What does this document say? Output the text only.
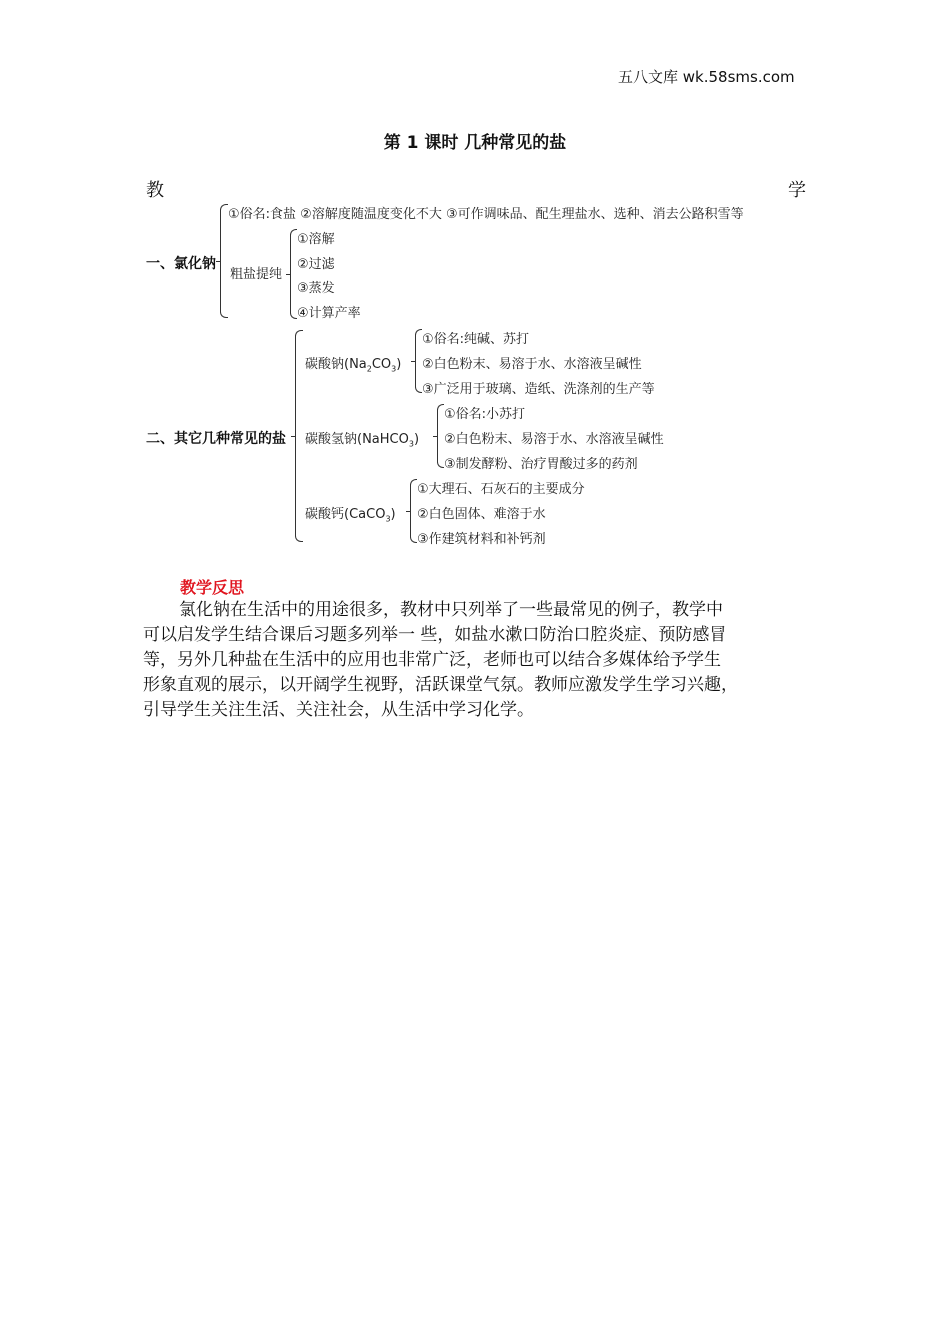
五八文库 wk.58sms.com
第 1 课时 几种常见的盐
教	学
一、氯化钠
①俗名:食盐 ②溶解度随温度变化不大 ③可作调味品、配生理盐水、选种、消去公路积雪等
粗盐提纯
①溶解
②过滤
③蒸发
④计算产率
二、其它几种常见的盐
碳酸钠$(Na_2CO_3)$
①俗名:纯碱、苏打
②白色粉末、易溶于水、水溶液呈碱性
③广泛用于玻璃、造纸、洗涤剂的生产等
碳酸氢钠(NaHCO$_3$)
①俗名:小苏打
②白色粉末、易溶于水、水溶液呈碱性
③制发酵粉、治疗胃酸过多的药剂
碳酸钙(CaCO$_3$)
①大理石、石灰石的主要成分
②白色固体、难溶于水
③作建筑材料和补钙剂
教学反思

氯化钠在生活中的用途很多，教材中只列举了一些最常见的例子，教学中

可以启发学生结合课后习题多列举一 些，如盐水漱口防治口腔炎症、预防感冒

等，另外几种盐在生活中的应用也非常广泛，老师也可以结合多媒体给予学生

形象直观的展示，以开阔学生视野，活跃课堂气氛。教师应激发学生学习兴趣，

引导学生关注生活、关注社会，从生活中学习化学。
